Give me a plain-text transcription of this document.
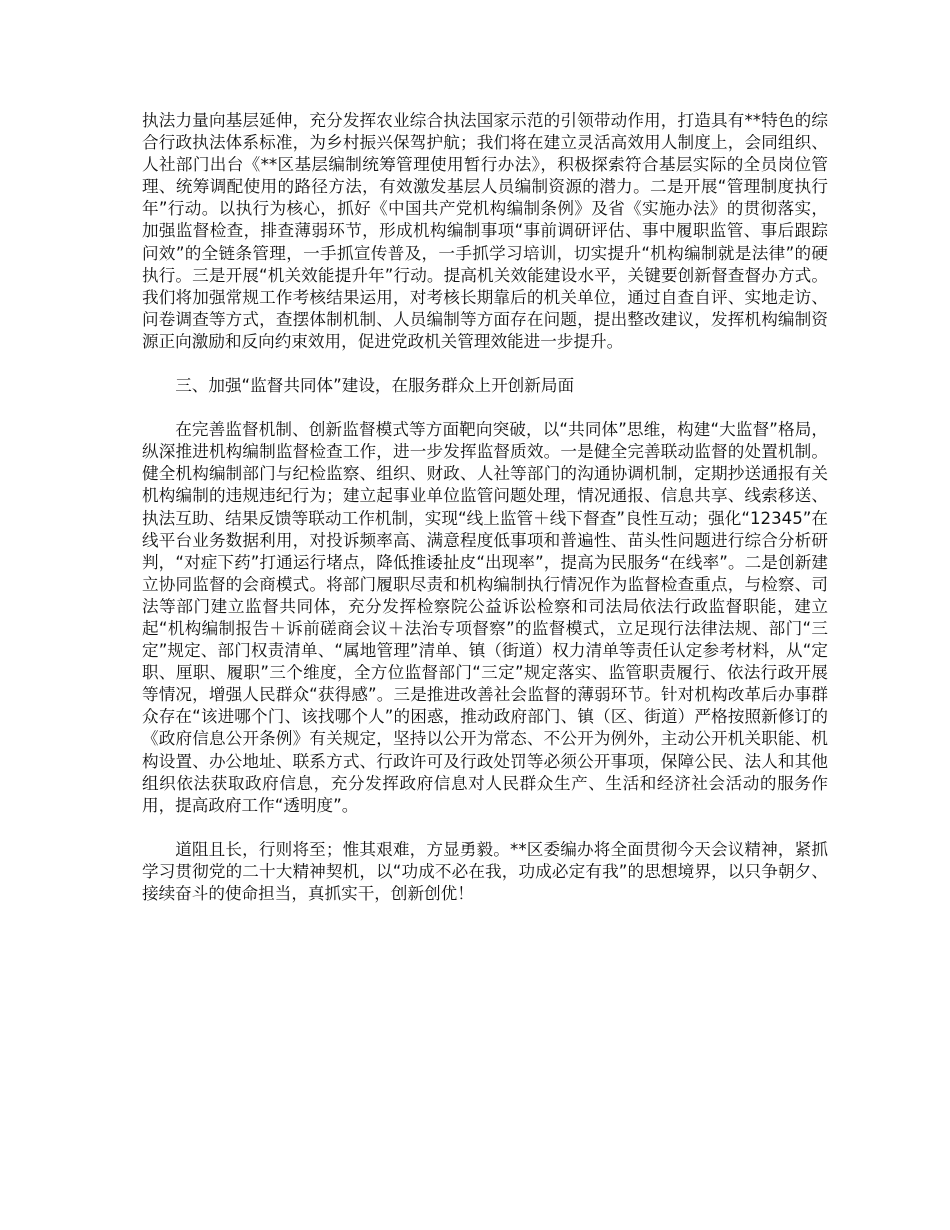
执法力量向基层延伸，充分发挥农业综合执法国家示范的引领带动作用，打造具有**特色的综合行政执法体系标准，为乡村振兴保驾护航；我们将在建立灵活高效用人制度上，会同组织、人社部门出台《**区基层编制统筹管理使用暂行办法》，积极探索符合基层实际的全员岗位管理、统筹调配使用的路径方法，有效激发基层人员编制资源的潜力。二是开展“管理制度执行年”行动。以执行为核心，抓好《中国共产党机构编制条例》及省《实施办法》的贯彻落实，加强监督检查，排查薄弱环节，形成机构编制事项“事前调研评估、事中履职监管、事后跟踪问效”的全链条管理，一手抓宣传普及，一手抓学习培训，切实提升“机构编制就是法律”的硬执行。三是开展“机关效能提升年”行动。提高机关效能建设水平，关键要创新督查督办方式。我们将加强常规工作考核结果运用，对考核长期靠后的机关单位，通过自查自评、实地走访、问卷调查等方式，查摆体制机制、人员编制等方面存在问题，提出整改建议，发挥机构编制资源正向激励和反向约束效用，促进党政机关管理效能进一步提升。

三、加强“监督共同体”建设，在服务群众上开创新局面

在完善监督机制、创新监督模式等方面靶向突破，以“共同体”思维，构建“大监督”格局，纵深推进机构编制监督检查工作，进一步发挥监督质效。一是健全完善联动监督的处置机制。健全机构编制部门与纪检监察、组织、财政、人社等部门的沟通协调机制，定期抄送通报有关机构编制的违规违纪行为；建立起事业单位监管问题处理，情况通报、信息共享、线索移送、执法互助、结果反馈等联动工作机制，实现“线上监管＋线下督查”良性互动；强化“12345”在线平台业务数据利用，对投诉频率高、满意程度低事项和普遍性、苗头性问题进行综合分析研判，“对症下药”打通运行堵点，降低推诿扯皮“出现率”，提高为民服务“在线率”。二是创新建立协同监督的会商模式。将部门履职尽责和机构编制执行情况作为监督检查重点，与检察、司法等部门建立监督共同体，充分发挥检察院公益诉讼检察和司法局依法行政监督职能，建立起“机构编制报告＋诉前磋商会议＋法治专项督察”的监督模式，立足现行法律法规、部门“三定”规定、部门权责清单、“属地管理”清单、镇（街道）权力清单等责任认定参考材料，从“定职、厘职、履职”三个维度，全方位监督部门“三定”规定落实、监管职责履行、依法行政开展等情况，增强人民群众“获得感”。三是推进改善社会监督的薄弱环节。针对机构改革后办事群众存在“该进哪个门、该找哪个人”的困惑，推动政府部门、镇（区、街道）严格按照新修订的《政府信息公开条例》有关规定，坚持以公开为常态、不公开为例外，主动公开机关职能、机构设置、办公地址、联系方式、行政许可及行政处罚等必须公开事项，保障公民、法人和其他组织依法获取政府信息，充分发挥政府信息对人民群众生产、生活和经济社会活动的服务作用，提高政府工作“透明度”。

道阻且长，行则将至；惟其艰难，方显勇毅。**区委编办将全面贯彻今天会议精神，紧抓学习贯彻党的二十大精神契机，以“功成不必在我，功成必定有我”的思想境界，以只争朝夕、接续奋斗的使命担当，真抓实干，创新创优！
